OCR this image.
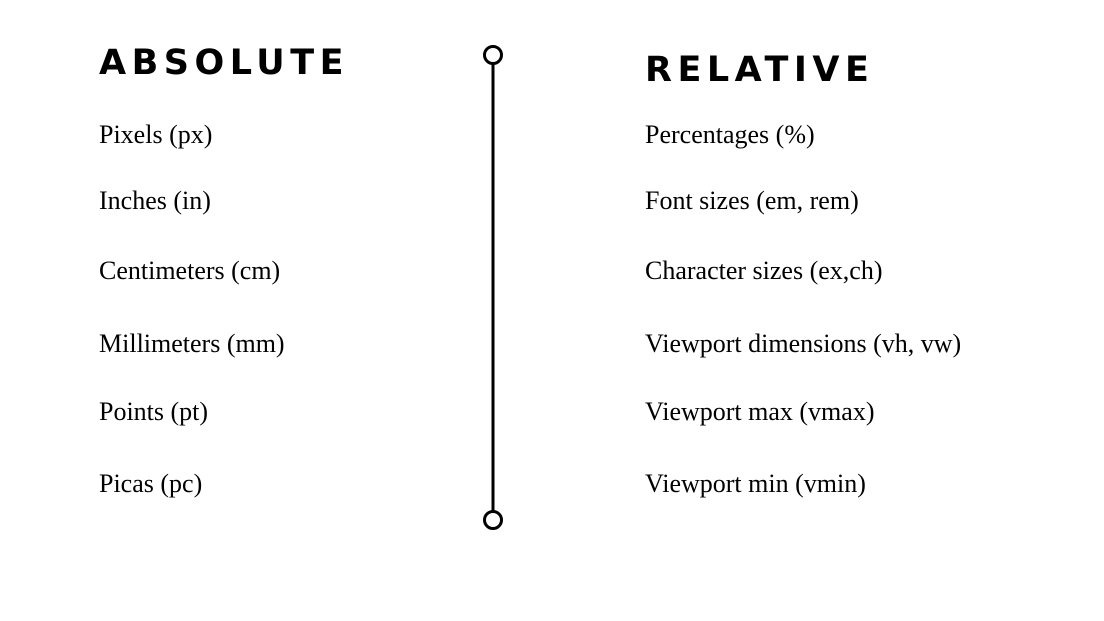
ABSOLUTE
Pixels (px)
Inches (in)
Centimeters (cm)
Millimeters (mm)
Points (pt)
Picas (pc)
RELATIVE
Percentages (%)
Font sizes (em, rem)
Character sizes (ex,ch)
Viewport dimensions (vh, vw)
Viewport max (vmax)
Viewport min (vmin)
